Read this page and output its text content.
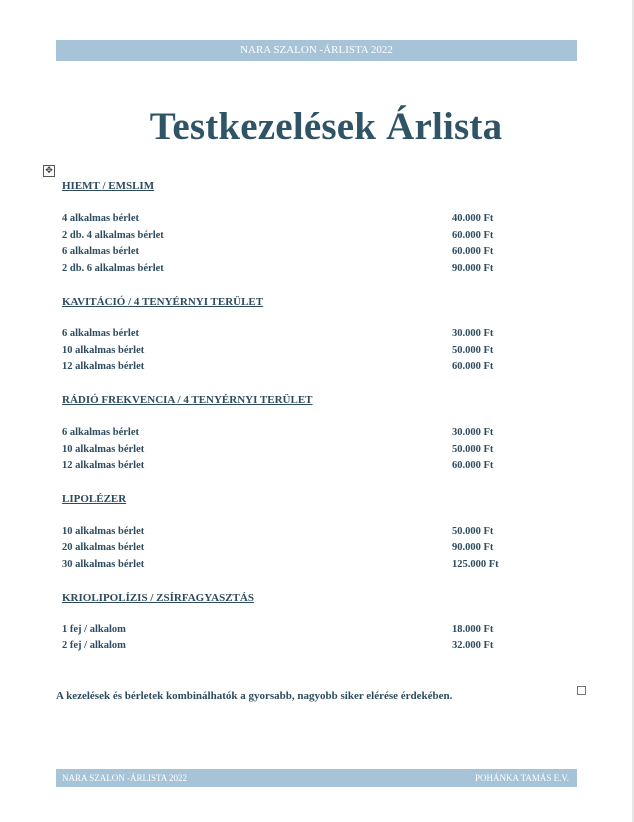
NARA SZALON -ÁRLISTA 2022
Testkezelések Árlista
✥
HIEMT / EMSLIM
4 alkalmas bérlet	40.000 Ft
2 db. 4 alkalmas bérlet	60.000 Ft
6 alkalmas bérlet	60.000 Ft
2 db. 6 alkalmas bérlet	90.000 Ft
KAVITÁCIÓ / 4 TENYÉRNYI TERÜLET
6 alkalmas bérlet	30.000 Ft
10 alkalmas bérlet	50.000 Ft
12 alkalmas bérlet	60.000 Ft
RÁDIÓ FREKVENCIA / 4 TENYÉRNYI TERÜLET
6 alkalmas bérlet	30.000 Ft
10 alkalmas bérlet	50.000 Ft
12 alkalmas bérlet	60.000 Ft
LIPOLÉZER
10 alkalmas bérlet	50.000 Ft
20 alkalmas bérlet	90.000 Ft
30 alkalmas bérlet	125.000 Ft
KRIOLIPOLÍZIS / ZSÍRFAGYASZTÁS
1 fej / alkalom	18.000 Ft
2 fej / alkalom	32.000 Ft
A kezelések és bérletek kombinálhatók a gyorsabb, nagyobb siker elérése érdekében.
NARA SZALON -ÁRLISTA 2022	POHÁNKA TAMÁS E.V.
